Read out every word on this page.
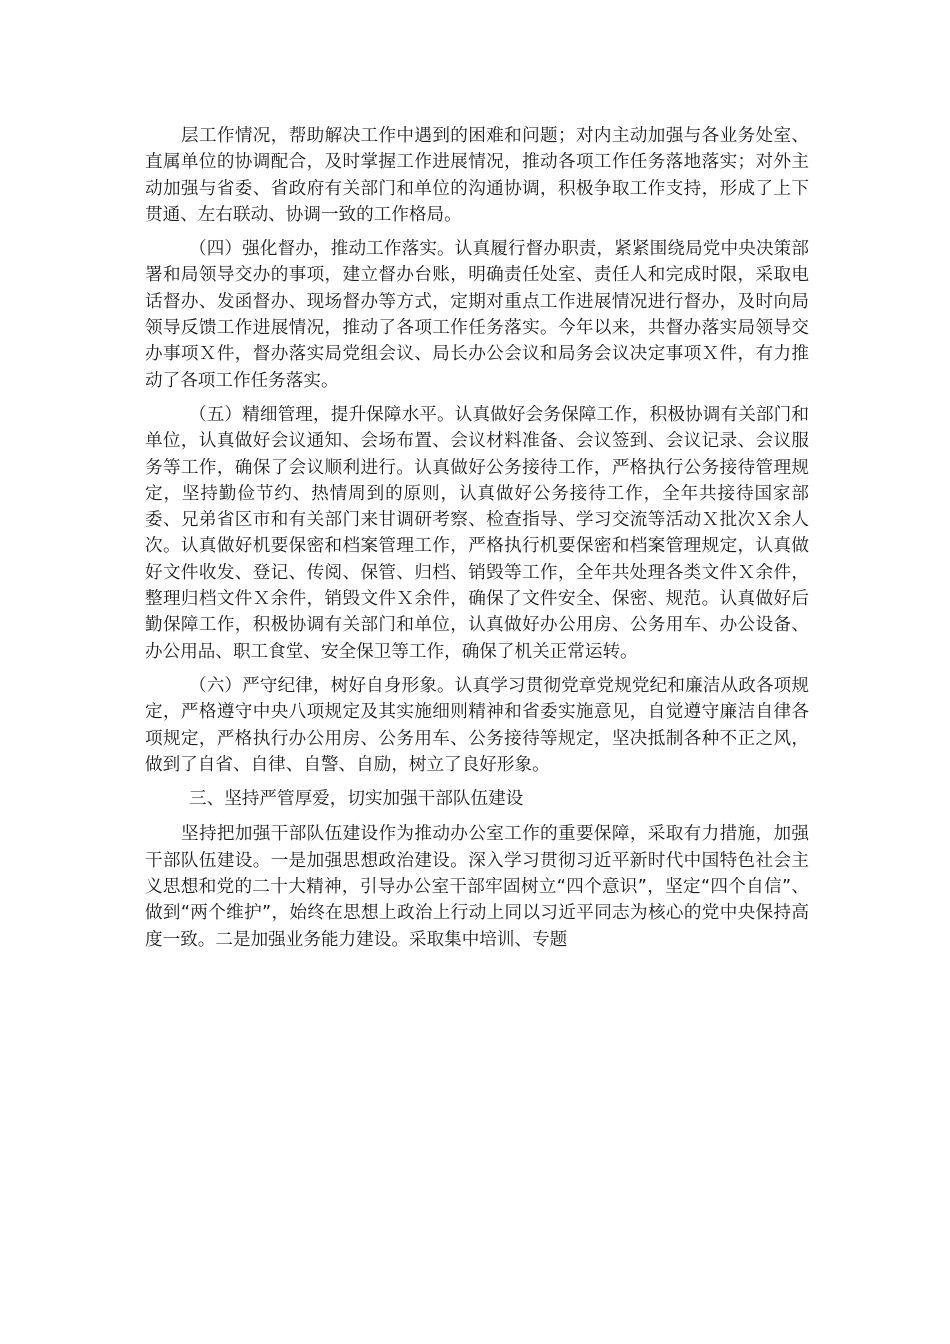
层工作情况，帮助解决工作中遇到的困难和问题；对内主动加强与各业务处室、直属单位的协调配合，及时掌握工作进展情况，推动各项工作任务落地落实；对外主动加强与省委、省政府有关部门和单位的沟通协调，积极争取工作支持，形成了上下贯通、左右联动、协调一致的工作格局。

（四）强化督办，推动工作落实。认真履行督办职责，紧紧围绕局党中央决策部署和局领导交办的事项，建立督办台账，明确责任处室、责任人和完成时限，采取电话督办、发函督办、现场督办等方式，定期对重点工作进展情况进行督办，及时向局领导反馈工作进展情况，推动了各项工作任务落实。今年以来，共督办落实局领导交办事项Ｘ件，督办落实局党组会议、局长办公会议和局务会议决定事项Ｘ件，有力推动了各项工作任务落实。

（五）精细管理，提升保障水平。认真做好会务保障工作，积极协调有关部门和单位，认真做好会议通知、会场布置、会议材料准备、会议签到、会议记录、会议服务等工作，确保了会议顺利进行。认真做好公务接待工作，严格执行公务接待管理规定，坚持勤俭节约、热情周到的原则，认真做好公务接待工作，全年共接待国家部委、兄弟省区市和有关部门来甘调研考察、检查指导、学习交流等活动Ｘ批次Ｘ余人次。认真做好机要保密和档案管理工作，严格执行机要保密和档案管理规定，认真做好文件收发、登记、传阅、保管、归档、销毁等工作，全年共处理各类文件Ｘ余件，整理归档文件Ｘ余件，销毁文件Ｘ余件，确保了文件安全、保密、规范。认真做好后勤保障工作，积极协调有关部门和单位，认真做好办公用房、公务用车、办公设备、办公用品、职工食堂、安全保卫等工作，确保了机关正常运转。

（六）严守纪律，树好自身形象。认真学习贯彻党章党规党纪和廉洁从政各项规定，严格遵守中央八项规定及其实施细则精神和省委实施意见，自觉遵守廉洁自律各项规定，严格执行办公用房、公务用车、公务接待等规定，坚决抵制各种不正之风，做到了自省、自律、自警、自励，树立了良好形象。

三、坚持严管厚爱，切实加强干部队伍建设

坚持把加强干部队伍建设作为推动办公室工作的重要保障，采取有力措施，加强干部队伍建设。一是加强思想政治建设。深入学习贯彻习近平新时代中国特色社会主义思想和党的二十大精神，引导办公室干部牢固树立“四个意识”，坚定“四个自信”、做到“两个维护”，始终在思想上政治上行动上同以习近平同志为核心的党中央保持高度一致。二是加强业务能力建设。采取集中培训、专题
